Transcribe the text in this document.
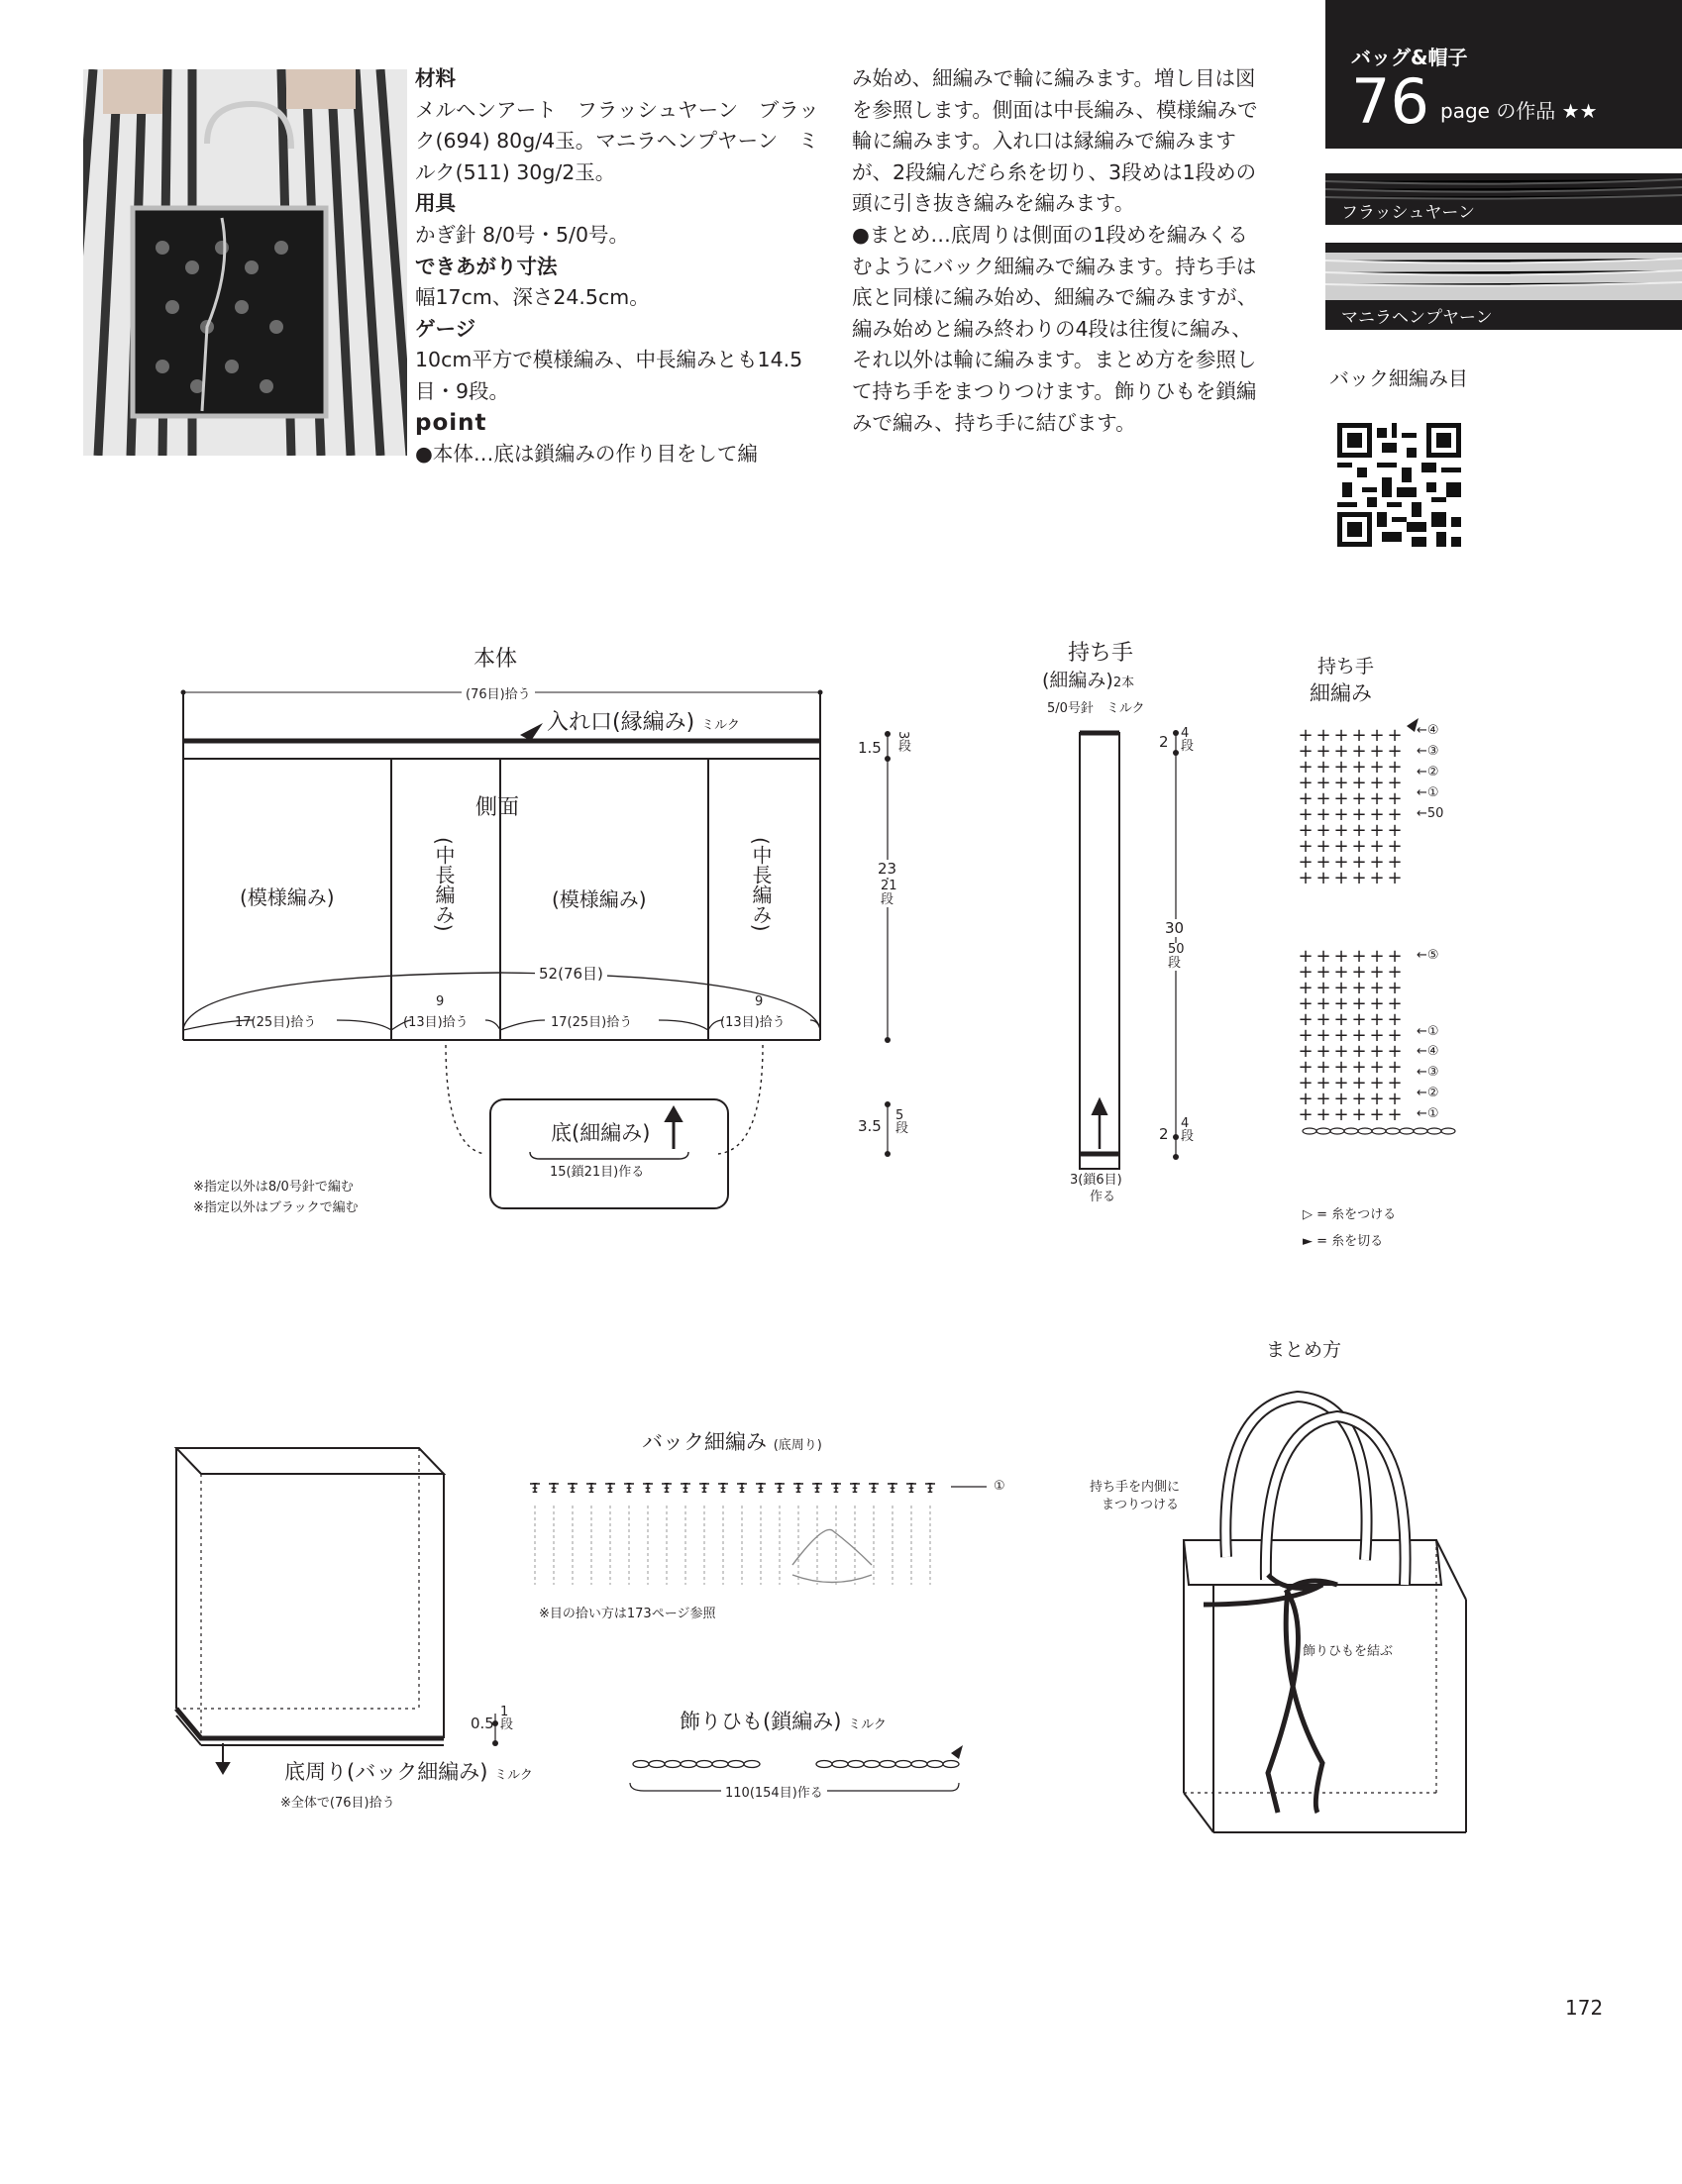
材料
メルヘンアート　フラッシュヤーン　ブラック(694) 80g/4玉。マニラヘンプヤーン　ミルク(511) 30g/2玉。
用具
かぎ針 8/0号・5/0号。
できあがり寸法
幅17cm、深さ24.5cm。
ゲージ
10cm平方で模様編み、中長編みとも14.5目・9段。
point
●本体…底は鎖編みの作り目をして編
み始め、細編みで輪に編みます。増し目は図を参照します。側面は中長編み、模様編みで輪に編みます。入れ口は縁編みで編みますが、2段編んだら糸を切り、3段めは1段めの頭に引き抜き編みを編みます。
●まとめ…底周りは側面の1段めを編みくるむようにバック細編みで編みます。持ち手は底と同様に編み始め、細編みで編みますが、編み始めと編み終わりの4段は往復に編み、それ以外は輪に編みます。まとめ方を参照して持ち手をまつりつけます。飾りひもを鎖編みで編み、持ち手に結びます。
バッグ&帽子
76 page の作品 ★★
フラッシュヤーン
マニラヘンプヤーン
バック細編み目
+ + + + + +
+ + + + + +
+ + + + + +
+ + + + + +
+ + + + + +
+ + + + + +
+ + + + + +
+ + + + + +
+ + + + + +
+ + + + + +
+ + + + + +
+ + + + + +
+ + + + + +
+ + + + + +
+ + + + + +
+ + + + + +
+ + + + + +
+ + + + + +
+ + + + + +
+ + + + + +
+ + + + + +
ᵻ ᵻ ᵻ ᵻ ᵻ ᵻ ᵻ ᵻ ᵻ ᵻ ᵻ ᵻ ᵻ ᵻ ᵻ ᵻ ᵻ ᵻ ᵻ ᵻ ᵻ ᵻ
本体
(76目)拾う
入れ口(縁編み) ミルク
側面
(模様編み)	(模様編み)
(中長編み)	(中長編み)
52(76目)
17(25目)拾う	17(25目)拾う
9
(13目)拾う
9
(13目)拾う
1.5 3段
23
21段
3.5
5段
底(細編み)
15(鎖21目)作る
※指定以外は8/0号針で編む
※指定以外はブラックで編む
持ち手
(細編み)2本
5/0号針　ミルク
2 4段
30
50段
2
4段
3(鎖6目)
作る
持ち手
細編み
←④
←③
←②
←①
←50
←⑤
←①
←④
←③
←②
←①
▷ = 糸をつける
► = 糸を切る
0.5
1段
底周り(バック細編み) ミルク
※全体で(76目)拾う
バック細編み (底周り)
①
※目の拾い方は173ページ参照
飾りひも(鎖編み) ミルク
110(154目)作る
まとめ方
持ち手を内側に
まつりつける
飾りひもを結ぶ
172
